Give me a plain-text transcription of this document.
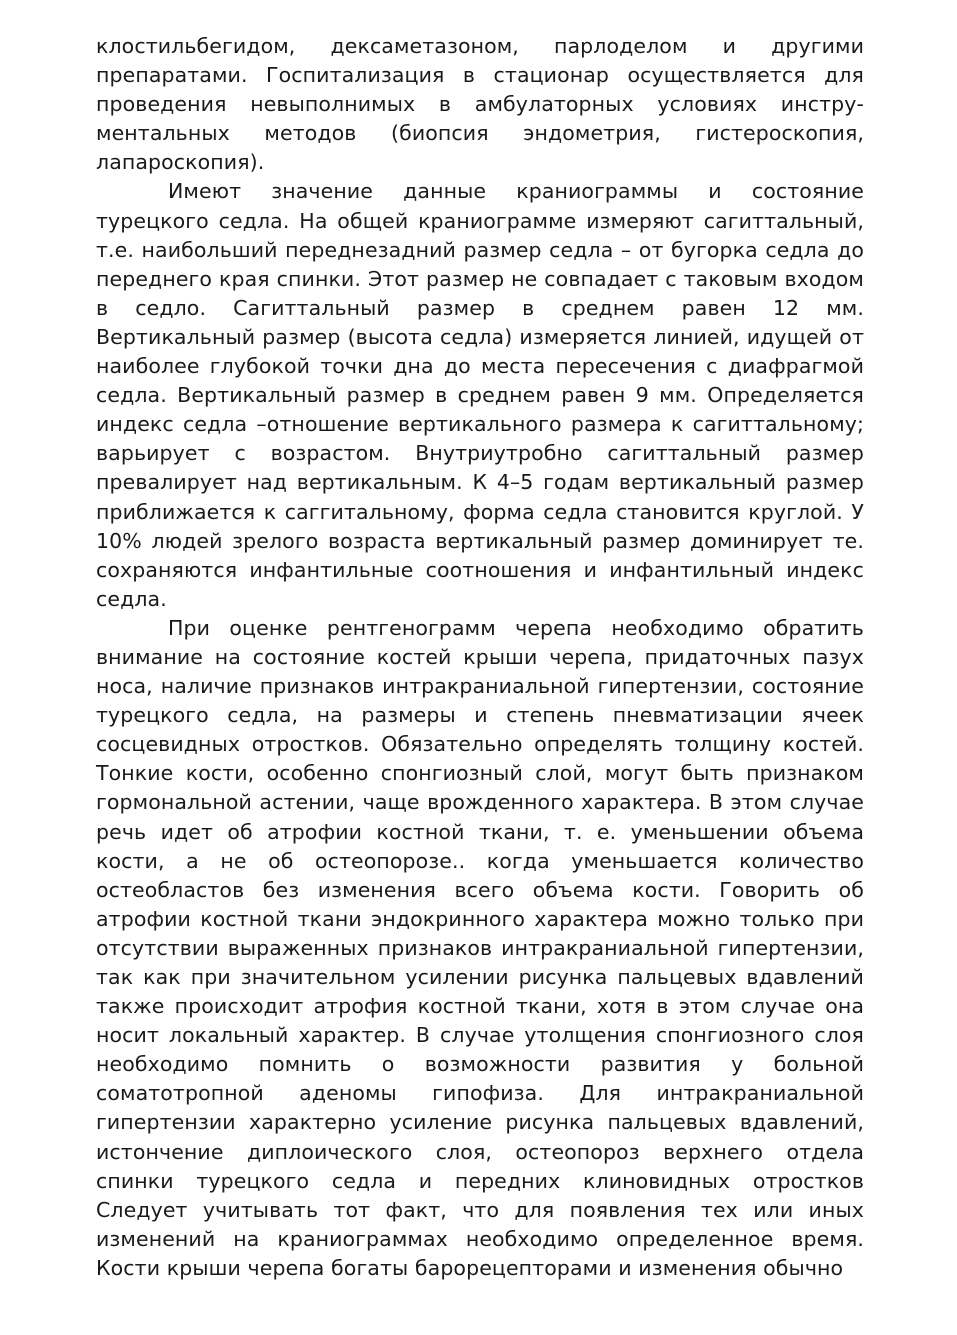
клостильбегидом, дексаметазоном, парлоделом и другими препаратами. Госпитализация в стационар осуществляется для проведения невыполнимых в амбулаторных условиях инстру-ментальных методов (биопсия эндометрия, гистероскопия, лапароскопия).

Имеют значение данные краниограммы и состояние турецкого седла. На общей краниограмме измеряют сагиттальный, т.е. наибольший переднезадний размер седла – от бугорка седла до переднего края спинки. Этот размер не совпадает с таковым входом в седло. Сагиттальный размер в среднем равен 12 мм. Вертикальный размер (высота седла) измеряется линией, идущей от наиболее глубокой точки дна до места пересечения с диафрагмой седла. Вертикальный размер в среднем равен 9 мм. Определяется индекс седла –отношение вертикального размера к сагиттальному; варьирует с возрастом. Внутриутробно сагиттальный размер превалирует над вертикальным. К 4–5 годам вертикальный размер приближается к саггитальному, форма седла становится круглой. У 10% людей зрелого возраста вертикальный размер доминирует те. сохраняются инфантильные соотношения и инфантильный индекс седла.

При оценке рентгенограмм черепа необходимо обратить внимание на состояние костей крыши черепа, придаточных пазух носа, наличие признаков интракраниальной гипертензии, состояние турецкого седла, на размеры и степень пневматизации ячеек сосцевидных отростков. Обязательно определять толщину костей. Тонкие кости, особенно спонгиозный слой, могут быть признаком гормональной астении, чаще врожденного характера. В этом случае речь идет об атрофии костной ткани, т. е. уменьшении объема кости, а не об остеопорозе.. когда уменьшается количество остеобластов без изменения всего объема кости. Говорить об атрофии костной ткани эндокринного характера можно только при отсутствии выраженных признаков интракраниальной гипертензии, так как при значительном усилении рисунка пальцевых вдавлений также происходит атрофия костной ткани, хотя в этом случае она носит локальный характер. В случае утолщения спонгиозного слоя необходимо помнить о возможности развития у больной соматотропной аденомы гипофиза. Для интракраниальной гипертензии характерно усиление рисунка пальцевых вдавлений, истончение диплоического слоя, остеопороз верхнего отдела спинки турецкого седла и передних клиновидных отростков Следует учитывать тот факт, что для появления тех или иных изменений на краниограммах необходимо определенное время. Кости крыши черепа богаты барорецепторами и изменения обычно
